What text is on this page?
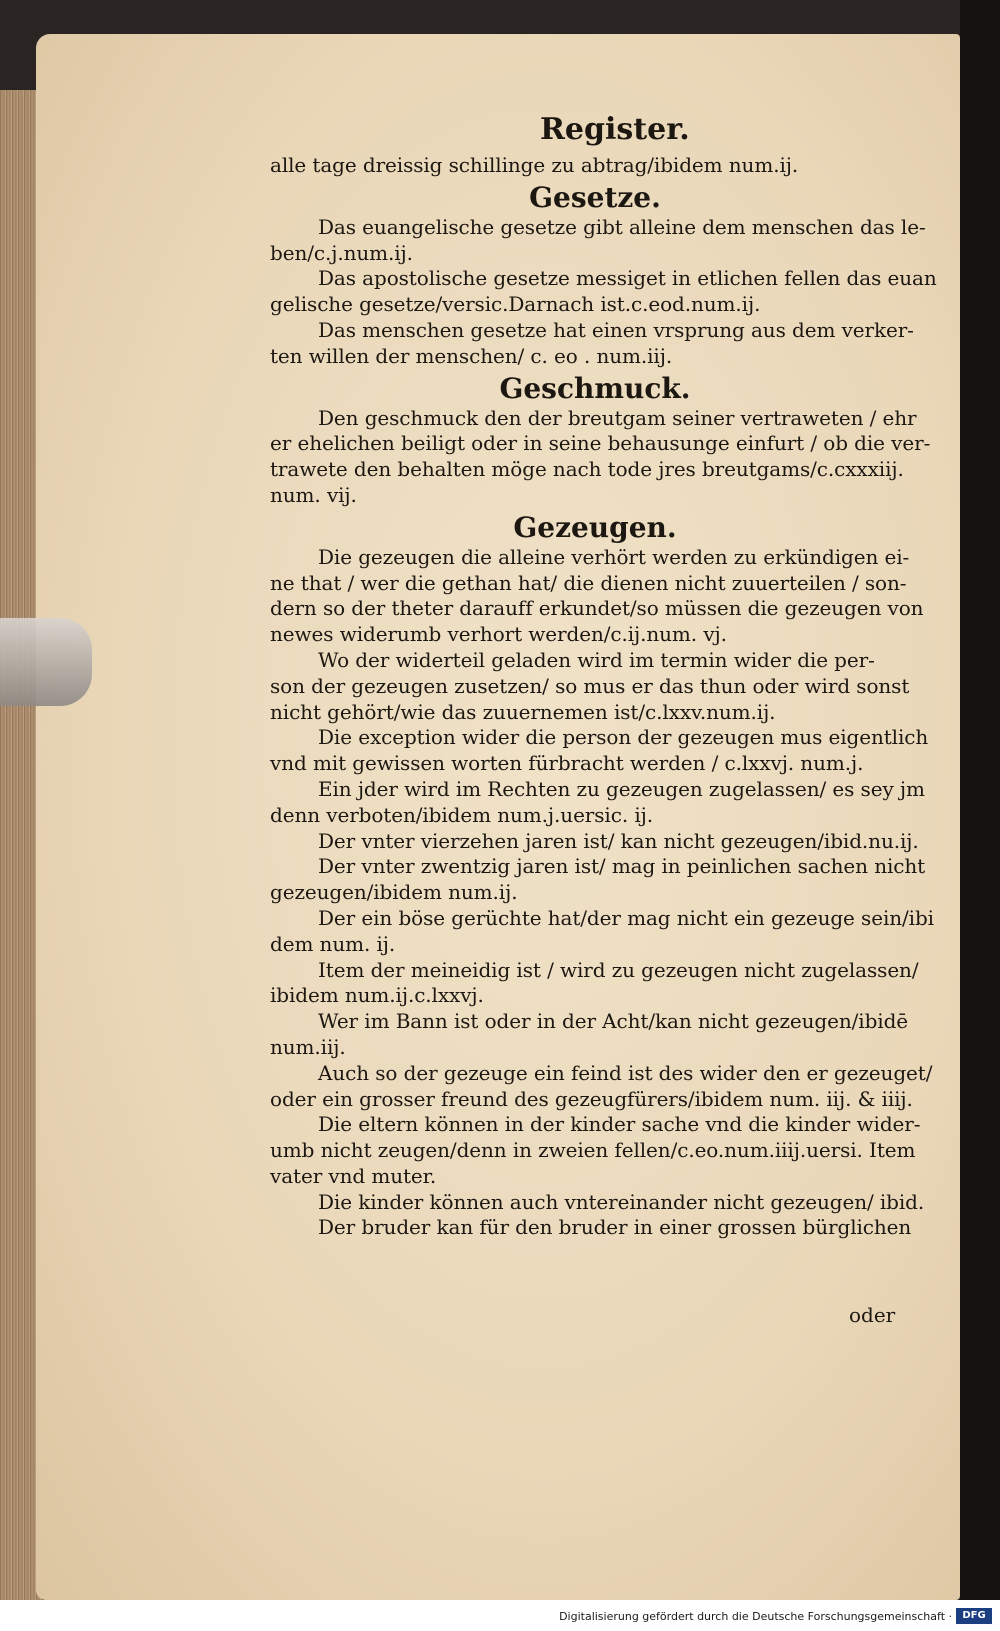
Register.
alle tage dreissig schillinge zu abtrag/ibidem num.ij.
Gesetze.
Das euangelische gesetze gibt alleine dem menschen das le-
ben/c.j.num.ij.
Das apostolische gesetze messiget in etlichen fellen das euan
gelische gesetze/versic.Darnach ist.c.eod.num.ij.
Das menschen gesetze hat einen vrsprung aus dem verker-
ten willen der menschen/ c. eo . num.iij.
Geschmuck.
Den geschmuck den der breutgam seiner vertraweten / ehr
er ehelichen beiligt oder in seine behausunge einfurt / ob die ver-
trawete den behalten möge nach tode jres breutgams/c.cxxxiij.
num. vij.
Gezeugen.
Die gezeugen die alleine verhört werden zu erkündigen ei-
ne that / wer die gethan hat/ die dienen nicht zuuerteilen / son-
dern so der theter darauff erkundet/so müssen die gezeugen von
newes widerumb verhort werden/c.ij.num. vj.
Wo der widerteil geladen wird im termin wider die per-
son der gezeugen zusetzen/ so mus er das thun oder wird sonst
nicht gehört/wie das zuuernemen ist/c.lxxv.num.ij.
Die exception wider die person der gezeugen mus eigentlich
vnd mit gewissen worten fürbracht werden / c.lxxvj. num.j.
Ein jder wird im Rechten zu gezeugen zugelassen/ es sey jm
denn verboten/ibidem num.j.uersic. ij.
Der vnter vierzehen jaren ist/ kan nicht gezeugen/ibid.nu.ij.
Der vnter zwentzig jaren ist/ mag in peinlichen sachen nicht
gezeugen/ibidem num.ij.
Der ein böse gerüchte hat/der mag nicht ein gezeuge sein/ibi
dem num. ij.
Item der meineidig ist / wird zu gezeugen nicht zugelassen/
ibidem num.ij.c.lxxvj.
Wer im Bann ist oder in der Acht/kan nicht gezeugen/ibidē
num.iij.
Auch so der gezeuge ein feind ist des wider den er gezeuget/
oder ein grosser freund des gezeugfürers/ibidem num. iij. & iiij.
Die eltern können in der kinder sache vnd die kinder wider-
umb nicht zeugen/denn in zweien fellen/c.eo.num.iiij.uersi. Item
vater vnd muter.
Die kinder können auch vntereinander nicht gezeugen/ ibid.
Der bruder kan für den bruder in einer grossen bürglichen
oder
Digitalisierung gefördert durch die Deutsche Forschungsgemeinschaft ·	DFG
